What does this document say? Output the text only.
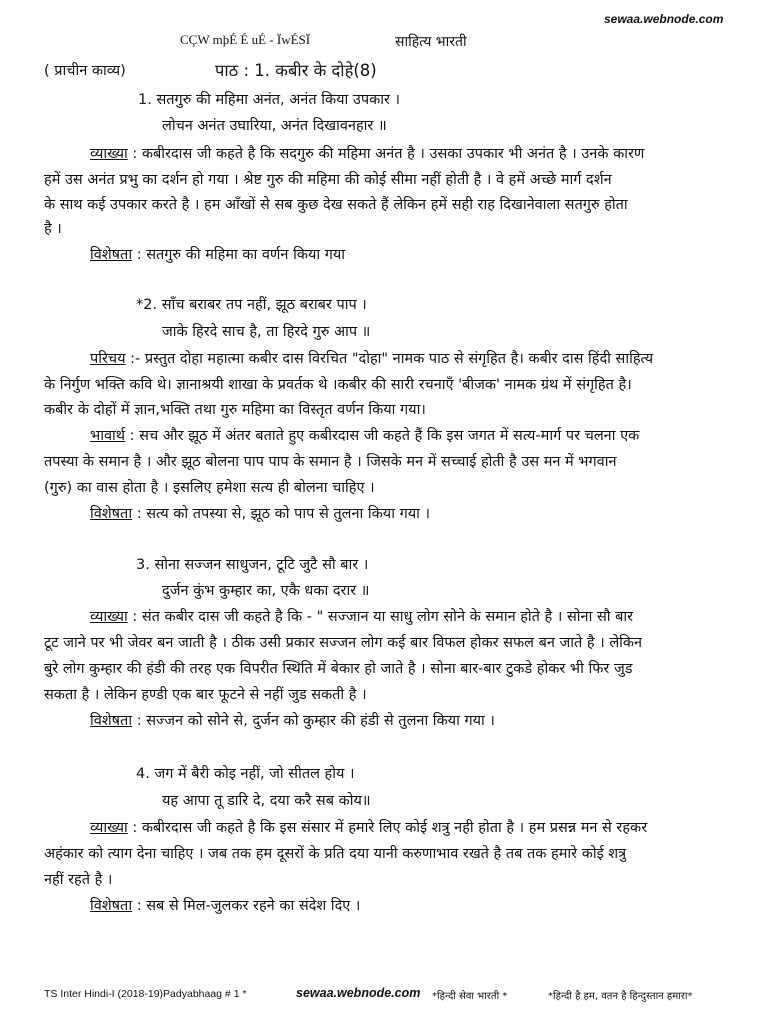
sewaa.webnode.com
CÇW mþÉ É uÉ - ÏwÉSÏ	साहित्य भारती
( प्राचीन काव्य)	पाठ : 1. कबीर के दोहे(8)
1. सतगुरु की महिमा अनंत, अनंत किया उपकार ।
लोचन अनंत उघारिया, अनंत दिखावनहार ॥
व्याख्या : कबीरदास जी कहते है कि सदगुरु की महिमा अनंत है । उसका उपकार भी अनंत है । उनके कारण
हमें उस अनंत प्रभु का दर्शन हो गया । श्रेष्ट गुरु की महिमा की कोई सीमा नहीं होती है । वे हमें अच्छे मार्ग दर्शन
के साथ कई उपकार करते है । हम आँखों से सब कुछ देख सकते हैं लेकिन हमें सही राह दिखानेवाला सतगुरु होता
है ।
विशेषता : सतगुरु की महिमा का वर्णन किया गया
*2. साँच बराबर तप नहीं, झूठ बराबर पाप ।
जाके हिरदे साच है, ता हिरदे गुरु आप ॥
परिचय :- प्रस्तुत दोहा महात्मा कबीर दास विरचित "दोहा" नामक पाठ से संगृहित है। कबीर दास हिंदी साहित्य
के निर्गुण भक्ति कवि थे। ज्ञानाश्रयी शाखा के प्रवर्तक थे ।कबीर की सारी रचनाएँ 'बीजक' नामक ग्रंथ में संगृहित है।
कबीर के दोहों में ज्ञान,भक्ति तथा गुरु महिमा का विस्तृत वर्णन किया गया।
भावार्थ : सच और झूठ में अंतर बताते हुए कबीरदास जी कहते हैं कि इस जगत में सत्य-मार्ग पर चलना एक
तपस्या के समान है । और झूठ बोलना पाप पाप के समान है । जिसके मन में सच्चाई होती है उस मन में भगवान
(गुरु) का वास होता है । इसलिए हमेशा सत्य ही बोलना चाहिए ।
विशेषता : सत्य को तपस्या से, झूठ को पाप से तुलना किया गया ।
3. सोना सज्जन साधुजन, टूटि जुटै सौ बार ।
दुर्जन कुंभ कुम्हार का, एकै धका दरार ॥
व्याख्या : संत कबीर दास जी कहते है कि - " सज्जान या साधु लोग सोने के समान होते है । सोना सौ बार
टूट जाने पर भी जेवर बन जाती है । ठीक उसी प्रकार सज्जन लोग कई बार विफल होकर सफल बन जाते है । लेकिन
बुरे लोग कुम्हार की हंडी की तरह एक विपरीत स्थिति में बेकार हो जाते है । सोना बार-बार टुकडे होकर भी फिर जुड
सकता है । लेकिन हण्डी एक बार फूटने से नहीं जुड सकती है ।
विशेषता : सज्जन को सोने से, दुर्जन को कुम्हार की हंडी से तुलना किया गया ।
4. जग में बैरी कोइ नहीं, जो सीतल होय ।
यह आपा तू डारि दे, दया करै सब कोय॥
व्याख्या : कबीरदास जी कहते है कि इस संसार में हमारे लिए कोई शत्रु नही होता है । हम प्रसन्न मन से रहकर
अहंकार को त्याग देना चाहिए । जब तक हम दूसरों के प्रति दया यानी करुणाभाव रखते है तब तक हमारे कोई शत्रु
नहीं रहते है ।
विशेषता : सब से मिल-जुलकर रहने का संदेश दिए ।
TS Inter Hindi-I (2018-19)Padyabhaag # 1 *	sewaa.webnode.com *हिन्दी सेवा भारती *	*हिन्दी है हम, वतन है हिन्दुस्तान हमारा*
